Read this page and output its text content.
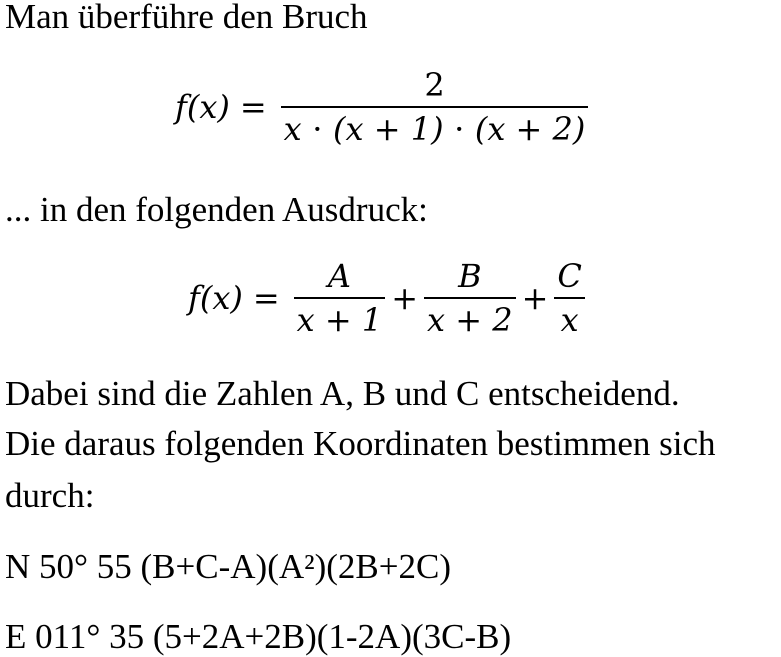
Man überführe den Bruch
$f(x) = \frac{2}{x \cdot (x + 1) \cdot (x + 2)}$
... in den folgenden Ausdruck:
$f(x) = \frac{A}{x + 1} + \frac{B}{x + 2} + \frac{C}{x}$
Dabei sind die Zahlen A, B und C entscheidend.
Die daraus folgenden Koordinaten bestimmen sich
durch:
N 50° 55 (B+C-A)(A²)(2B+2C)
E 011° 35 (5+2A+2B)(1-2A)(3C-B)
